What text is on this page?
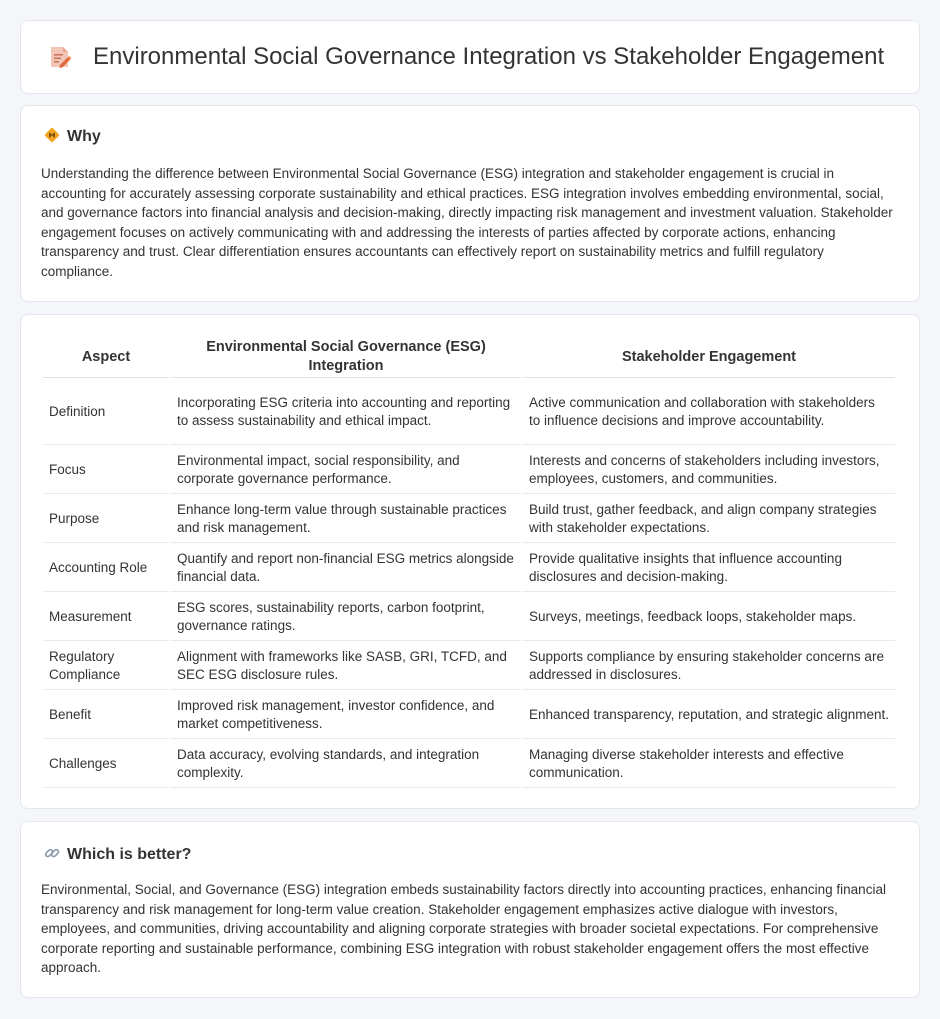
Environmental Social Governance Integration vs Stakeholder Engagement
Why

Understanding the difference between Environmental Social Governance (ESG) integration and stakeholder engagement is crucial in accounting for accurately assessing corporate sustainability and ethical practices. ESG integration involves embedding environmental, social, and governance factors into financial analysis and decision-making, directly impacting risk management and investment valuation. Stakeholder engagement focuses on actively communicating with and addressing the interests of parties affected by corporate actions, enhancing transparency and trust. Clear differentiation ensures accountants can effectively report on sustainability metrics and fulfill regulatory compliance.

Aspect	Environmental Social Governance (ESG) Integration	Stakeholder Engagement
Definition	Incorporating ESG criteria into accounting and reporting to assess sustainability and ethical impact.	Active communication and collaboration with stakeholders to influence decisions and improve accountability.
Focus	Environmental impact, social responsibility, and corporate governance performance.	Interests and concerns of stakeholders including investors, employees, customers, and communities.
Purpose	Enhance long-term value through sustainable practices and risk management.	Build trust, gather feedback, and align company strategies with stakeholder expectations.
Accounting Role	Quantify and report non-financial ESG metrics alongside financial data.	Provide qualitative insights that influence accounting disclosures and decision-making.
Measurement	ESG scores, sustainability reports, carbon footprint, governance ratings.	Surveys, meetings, feedback loops, stakeholder maps.
Regulatory Compliance	Alignment with frameworks like SASB, GRI, TCFD, and SEC ESG disclosure rules.	Supports compliance by ensuring stakeholder concerns are addressed in disclosures.
Benefit	Improved risk management, investor confidence, and market competitiveness.	Enhanced transparency, reputation, and strategic alignment.
Challenges	Data accuracy, evolving standards, and integration complexity.	Managing diverse stakeholder interests and effective communication.
Which is better?

Environmental, Social, and Governance (ESG) integration embeds sustainability factors directly into accounting practices, enhancing financial transparency and risk management for long-term value creation. Stakeholder engagement emphasizes active dialogue with investors, employees, and communities, driving accountability and aligning corporate strategies with broader societal expectations. For comprehensive corporate reporting and sustainable performance, combining ESG integration with robust stakeholder engagement offers the most effective approach.
